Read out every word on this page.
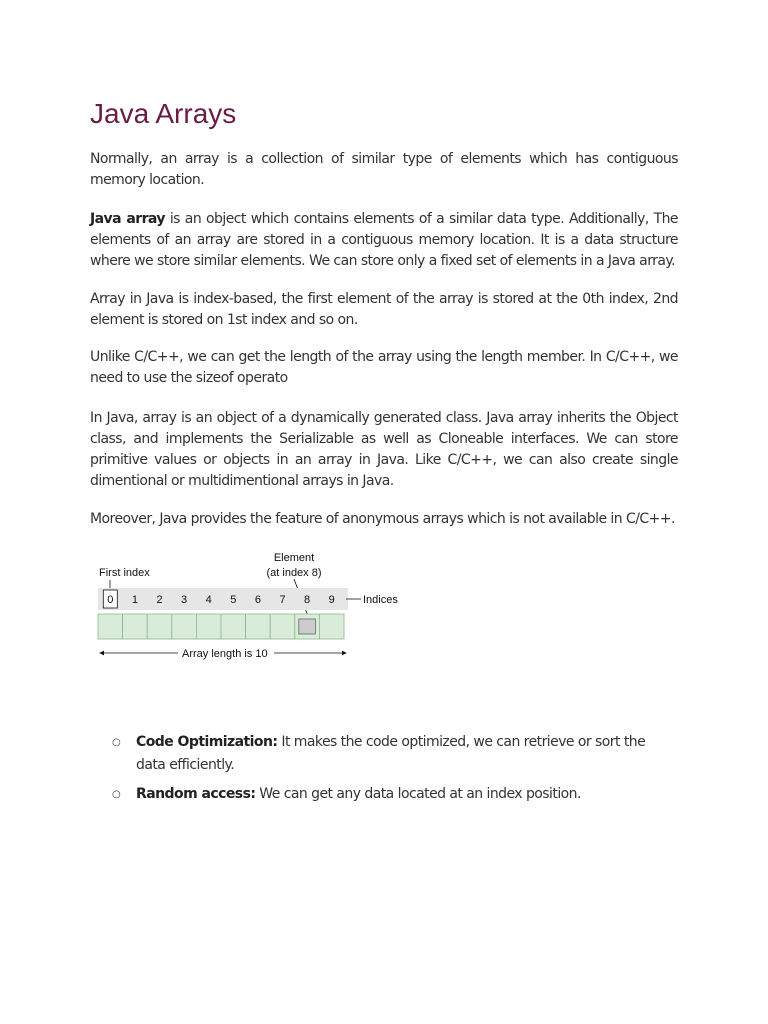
Java Arrays

Normally, an array is a collection of similar type of elements which has contiguous memory location.

Java array is an object which contains elements of a similar data type. Additionally, The elements of an array are stored in a contiguous memory location. It is a data structure where we store similar elements. We can store only a fixed set of elements in a Java array.

Array in Java is index-based, the first element of the array is stored at the 0th index, 2nd element is stored on 1st index and so on.

Unlike C/C++, we can get the length of the array using the length member. In C/C++, we need to use the sizeof operato

In Java, array is an object of a dynamically generated class. Java array inherits the Object class, and implements the Serializable as well as Cloneable interfaces. We can store primitive values or objects in an array in Java. Like C/C++, we can also create single dimentional or multidimentional arrays in Java.

Moreover, Java provides the feature of anonymous arrays which is not available in C/C++.

Element
(at index 8)
First index
0 1 2 3 4 5 6 7 8 9	Indices
Array length is 10
○ Code Optimization: It makes the code optimized, we can retrieve or sort the data efficiently.
○ Random access: We can get any data located at an index position.
